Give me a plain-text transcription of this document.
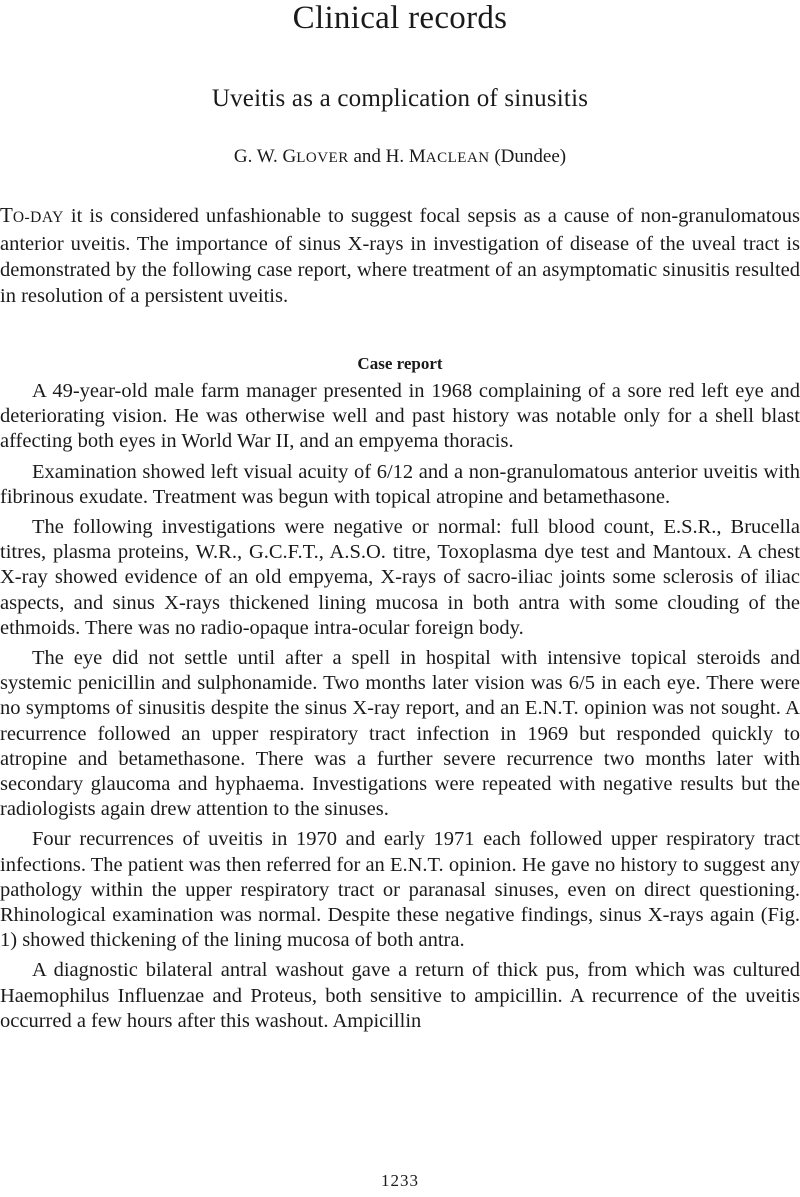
Clinical records
Uveitis as a complication of sinusitis
G. W. GLOVER and H. MACLEAN (Dundee)

TO-DAY it is considered unfashionable to suggest focal sepsis as a cause of non-granulomatous anterior uveitis. The importance of sinus X-rays in investigation of disease of the uveal tract is demonstrated by the following case report, where treatment of an asymptomatic sinusitis resulted in resolution of a persistent uveitis.

Case report

A 49-year-old male farm manager presented in 1968 complaining of a sore red left eye and deteriorating vision. He was otherwise well and past history was notable only for a shell blast affecting both eyes in World War II, and an empyema thoracis.

Examination showed left visual acuity of 6/12 and a non-granulomatous anterior uveitis with fibrinous exudate. Treatment was begun with topical atropine and betamethasone.

The following investigations were negative or normal: full blood count, E.S.R., Brucella titres, plasma proteins, W.R., G.C.F.T., A.S.O. titre, Toxoplasma dye test and Mantoux. A chest X-ray showed evidence of an old empyema, X-rays of sacro-iliac joints some sclerosis of iliac aspects, and sinus X-rays thickened lining mucosa in both antra with some clouding of the ethmoids. There was no radio-opaque intra-ocular foreign body.

The eye did not settle until after a spell in hospital with intensive topical steroids and systemic penicillin and sulphonamide. Two months later vision was 6/5 in each eye. There were no symptoms of sinusitis despite the sinus X-ray report, and an E.N.T. opinion was not sought. A recurrence followed an upper respiratory tract infection in 1969 but responded quickly to atropine and betamethasone. There was a further severe recurrence two months later with secondary glaucoma and hyphaema. Investigations were repeated with negative results but the radiologists again drew attention to the sinuses.

Four recurrences of uveitis in 1970 and early 1971 each followed upper respiratory tract infections. The patient was then referred for an E.N.T. opinion. He gave no history to suggest any pathology within the upper respiratory tract or paranasal sinuses, even on direct questioning. Rhinological examination was normal. Despite these negative findings, sinus X-rays again (Fig. 1) showed thickening of the lining mucosa of both antra.

A diagnostic bilateral antral washout gave a return of thick pus, from which was cultured Haemophilus Influenzae and Proteus, both sensitive to ampicillin. A recurrence of the uveitis occurred a few hours after this washout. Ampicillin

1233
